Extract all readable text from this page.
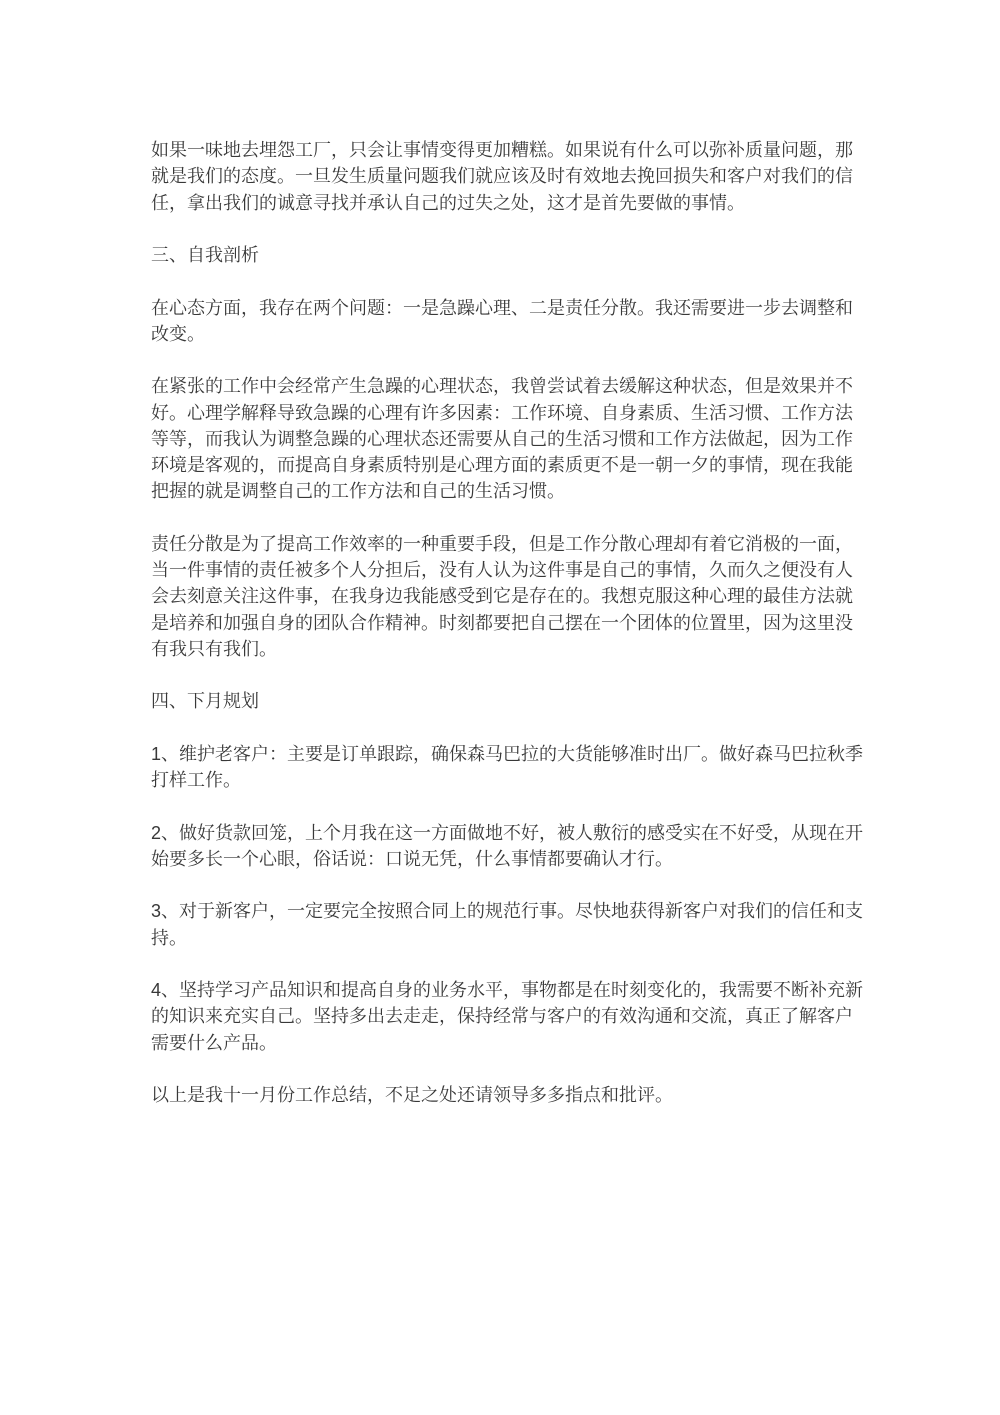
如果一味地去埋怨工厂，只会让事情变得更加糟糕。如果说有什么可以弥补质量问题，那就是我们的态度。一旦发生质量问题我们就应该及时有效地去挽回损失和客户对我们的信任，拿出我们的诚意寻找并承认自己的过失之处，这才是首先要做的事情。

三、自我剖析

在心态方面，我存在两个问题：一是急躁心理、二是责任分散。我还需要进一步去调整和改变。

在紧张的工作中会经常产生急躁的心理状态，我曾尝试着去缓解这种状态，但是效果并不好。心理学解释导致急躁的心理有许多因素：工作环境、自身素质、生活习惯、工作方法等等，而我认为调整急躁的心理状态还需要从自己的生活习惯和工作方法做起，因为工作环境是客观的，而提高自身素质特别是心理方面的素质更不是一朝一夕的事情，现在我能把握的就是调整自己的工作方法和自己的生活习惯。

责任分散是为了提高工作效率的一种重要手段，但是工作分散心理却有着它消极的一面，当一件事情的责任被多个人分担后，没有人认为这件事是自己的事情，久而久之便没有人会去刻意关注这件事，在我身边我能感受到它是存在的。我想克服这种心理的最佳方法就是培养和加强自身的团队合作精神。时刻都要把自己摆在一个团体的位置里，因为这里没有我只有我们。

四、下月规划

1、维护老客户：主要是订单跟踪，确保森马巴拉的大货能够准时出厂。做好森马巴拉秋季打样工作。

2、做好货款回笼，上个月我在这一方面做地不好，被人敷衍的感受实在不好受，从现在开始要多长一个心眼，俗话说：口说无凭，什么事情都要确认才行。

3、对于新客户，一定要完全按照合同上的规范行事。尽快地获得新客户对我们的信任和支持。

4、坚持学习产品知识和提高自身的业务水平，事物都是在时刻变化的，我需要不断补充新的知识来充实自己。坚持多出去走走，保持经常与客户的有效沟通和交流，真正了解客户需要什么产品。

以上是我十一月份工作总结，不足之处还请领导多多指点和批评。
